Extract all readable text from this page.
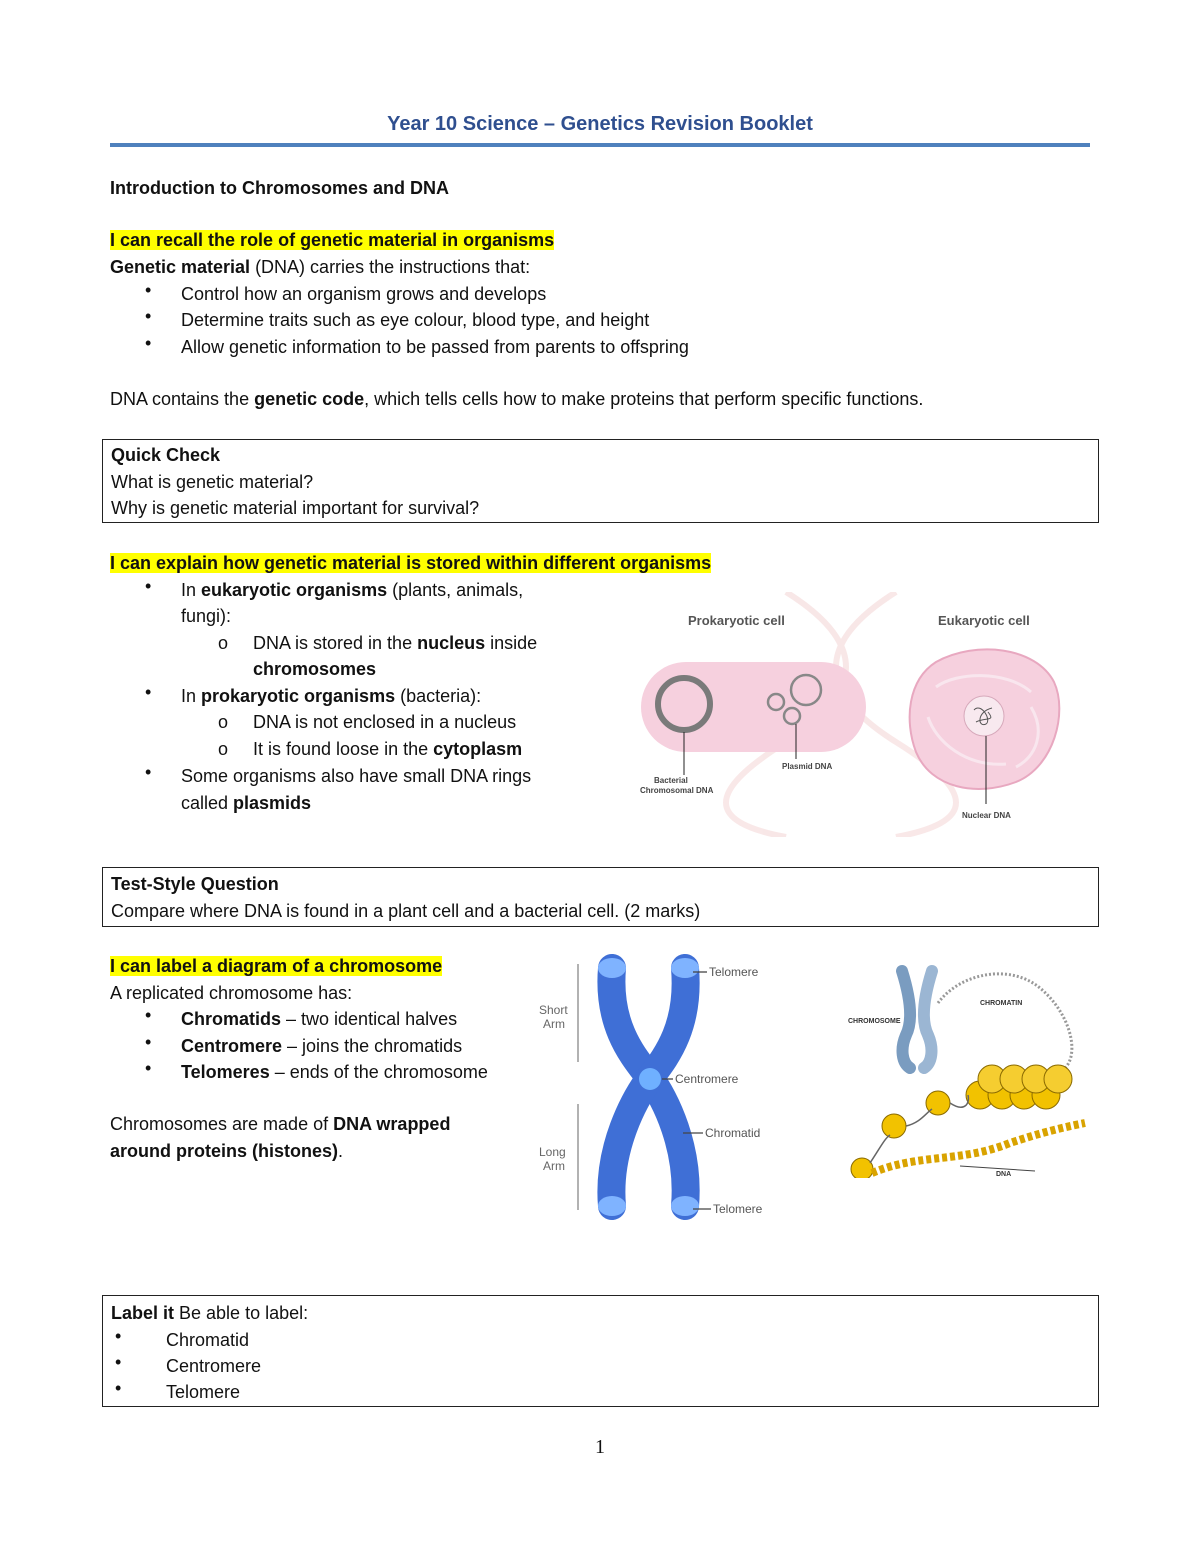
Year 10 Science – Genetics Revision Booklet
Introduction to Chromosomes and DNA
I can recall the role of genetic material in organisms
Genetic material (DNA) carries the instructions that:
• Control how an organism grows and develops
• Determine traits such as eye colour, blood type, and height
• Allow genetic information to be passed from parents to offspring
DNA contains the genetic code, which tells cells how to make proteins that perform specific functions.
Quick Check
What is genetic material?
Why is genetic material important for survival?
I can explain how genetic material is stored within different organisms
• In eukaryotic organisms (plants, animals,
fungi):
o DNA is stored in the nucleus inside
chromosomes
• In prokaryotic organisms (bacteria):
o DNA is not enclosed in a nucleus
o It is found loose in the cytoplasm
• Some organisms also have small DNA rings
called plasmids
Prokaryotic cell	Eukaryotic cell
Bacterial
Chromosomal DNA
Plasmid DNA
Nuclear DNA
Test-Style Question
Compare where DNA is found in a plant cell and a bacterial cell. (2 marks)
I can label a diagram of a chromosome
A replicated chromosome has:
• Chromatids – two identical halves
• Centromere – joins the chromatids
• Telomeres – ends of the chromosome
Chromosomes are made of DNA wrapped
around proteins (histones).
Short
Arm
Long
Arm
Telomere
Centromere
Chromatid
Telomere
CHROMOSOME
CHROMATIN
DNA
Label it Be able to label:
• Chromatid
• Centromere
• Telomere
1
